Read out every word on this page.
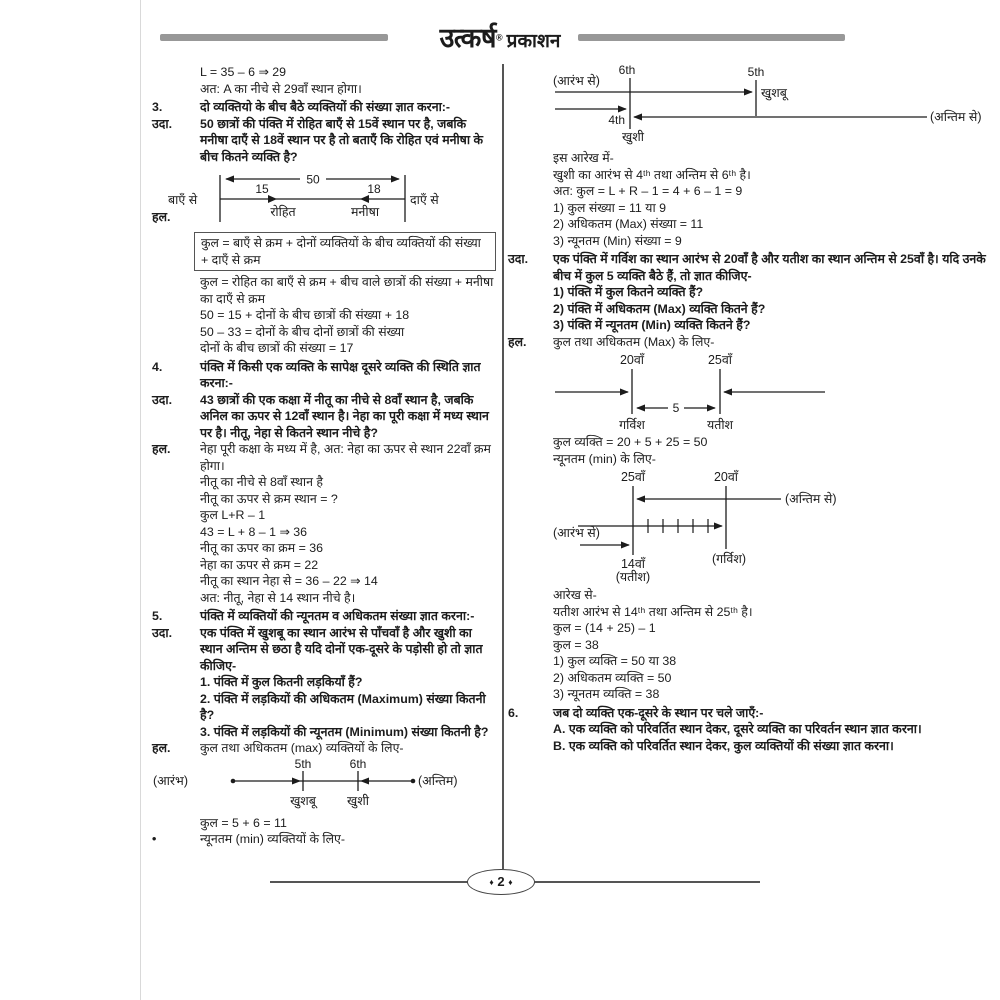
उत्कर्ष® प्रकाशन
L = 35 – 6 ⇒ 29
अत: A का नीचे से 29वाँ स्थान होगा।
3.	दो व्यक्तियो के बीच बैठे व्यक्तियों की संख्या ज्ञात करना:-
उदा.	50 छात्रों की पंक्ति में रोहित बाएँ से 15वें स्थान पर है, जबकि मनीषा दाएँ से 18वें स्थान पर है तो बताएँ कि रोहित एवं मनीषा के बीच कितने व्यक्ति है?
हल.
बाएँ से	दाएँ से
50
15	18
रोहित	मनीषा
कुल = बाएँ से क्रम + दोनों व्यक्तियों के बीच व्यक्तियों की संख्या + दाएँ से क्रम
कुल = रोहित का बाएँ से क्रम + बीच वाले छात्रों की संख्या + मनीषा का दाएँ से क्रम
50 = 15 + दोनों के बीच छात्रों की संख्या + 18
50 – 33 = दोनों के बीच दोनों छात्रों की संख्या
दोनों के बीच छात्रों की संख्या = 17
4.	पंक्ति में किसी एक व्यक्ति के सापेक्ष दूसरे व्यक्ति की स्थिति ज्ञात करना:-
उदा.	43 छात्रों की एक कक्षा में नीतू का नीचे से 8वाँ स्थान है, जबकि अनिल का ऊपर से 12वाँ स्थान है। नेहा का पूरी कक्षा में मध्य स्थान पर है। नीतू, नेहा से कितने स्थान नीचे है?
हल.	नेहा पूरी कक्षा के मध्य में है, अत: नेहा का ऊपर से स्थान 22वाँ क्रम होगा।
नीतू का नीचे से 8वाँ स्थान है
नीतू का ऊपर से क्रम स्थान = ?
कुल L+R – 1
43 = L + 8 – 1 ⇒ 36
नीतू का ऊपर का क्रम = 36
नेहा का ऊपर से क्रम = 22
नीतू का स्थान नेहा से = 36 – 22 ⇒ 14
अत: नीतू, नेहा से 14 स्थान नीचे है।
5.	पंक्ति में व्यक्तियों की न्यूनतम व अधिकतम संख्या ज्ञात करना:-
उदा.	एक पंक्ति में खुशबू का स्थान आरंभ से पाँचवाँ है और खुशी का स्थान अन्तिम से छठा है यदि दोनों एक-दूसरे के पड़ोसी हो तो ज्ञात कीजिए-
1. पंक्ति में कुल कितनी लड़कियाँ हैं?
2. पंक्ति में लड़कियों की अधिकतम (Maximum) संख्या कितनी है?
3. पंक्ति में लड़कियों की न्यूनतम (Minimum) संख्या कितनी है?
हल.	कुल तथा अधिकतम (max) व्यक्तियों के लिए-
(आरंभ)
5th	6th
खुशबू खुशी
(अन्तिम)
कुल = 5 + 6 = 11
•	न्यूनतम (min) व्यक्तियों के लिए-
6th
(आरंभ से)
5th
खुशबू
4th	(अन्तिम से)
खुशी
इस आरेख में-
खुशी का आरंभ से 4ᵗʰ तथा अन्तिम से 6ᵗʰ है।
अत: कुल = L + R – 1 = 4 + 6 – 1 = 9
1) कुल संख्या = 11 या 9
2) अधिकतम (Max) संख्या = 11
3) न्यूनतम (Min) संख्या = 9
उदा.	एक पंक्ति में गर्विश का स्थान आरंभ से 20वाँ है और यतीश का स्थान अन्तिम से 25वाँ है। यदि उनके बीच में कुल 5 व्यक्ति बैठे हैं, तो ज्ञात कीजिए-
1) पंक्ति में कुल कितने व्यक्ति हैं?
2) पंक्ति में अधिकतम (Max) व्यक्ति कितने हैं?
3) पंक्ति में न्यूनतम (Min) व्यक्ति कितने हैं?
हल.	कुल तथा अधिकतम (Max) के लिए-
20वाँ	25वाँ
5
गर्विश	यतीश
कुल व्यक्ति = 20 + 5 + 25 = 50
न्यूनतम (min) के लिए-
25वाँ	20वाँ
(अन्तिम से)
(आरंभ से)
14वाँ
(यतीश)
(गर्विश)
आरेख से-
यतीश आरंभ से 14ᵗʰ तथा अन्तिम से 25ᵗʰ है।
कुल = (14 + 25) – 1
कुल = 38
1) कुल व्यक्ति = 50 या 38
2) अधिकतम व्यक्ति = 50
3) न्यूनतम व्यक्ति = 38
6.	जब दो व्यक्ति एक-दूसरे के स्थान पर चले जाएँ:-
A. एक व्यक्ति को परिवर्तित स्थान देकर, दूसरे व्यक्ति का परिवर्तन स्थान ज्ञात करना।
B. एक व्यक्ति को परिवर्तित स्थान देकर, कुल व्यक्तियों की संख्या ज्ञात करना।
♦ 2 ♦
